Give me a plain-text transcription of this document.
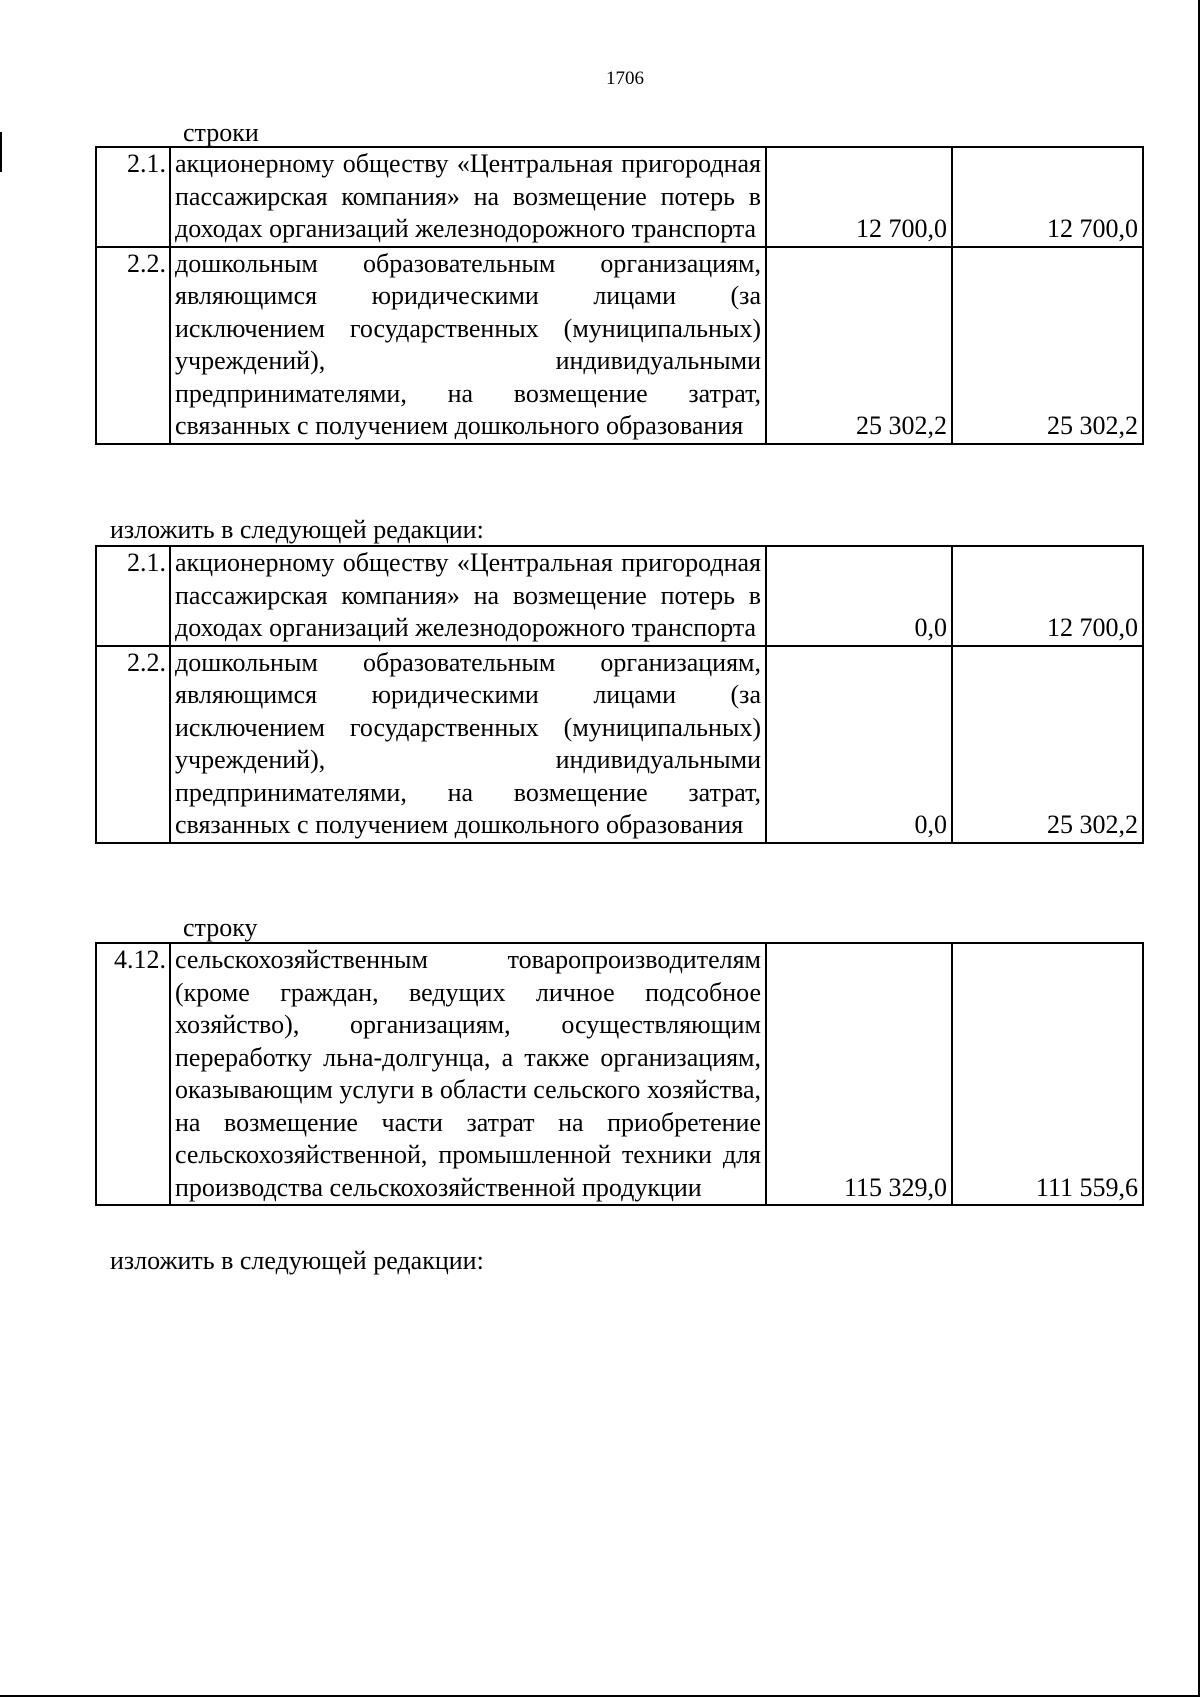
1706
строки
2.1.	акционерному обществу «Центральная пригородная пассажирская компания» на возмещение потерь в доходах организаций железнодорожного транспорта	12 700,0	12 700,0
2.2.	дошкольным образовательным организациям, являющимся юридическими лицами (за исключением государственных (муниципальных) учреждений), индивидуальными предпринимателями, на возмещение затрат, связанных с получением дошкольного образования	25 302,2	25 302,2
изложить в следующей редакции:
2.1.	акционерному обществу «Центральная пригородная пассажирская компания» на возмещение потерь в доходах организаций железнодорожного транспорта	0,0	12 700,0
2.2.	дошкольным образовательным организациям, являющимся юридическими лицами (за исключением государственных (муниципальных) учреждений), индивидуальными предпринимателями, на возмещение затрат, связанных с получением дошкольного образования	0,0	25 302,2
строку
4.12.	сельскохозяйственным товаропроизводителям (кроме граждан, ведущих личное подсобное хозяйство), организациям, осуществляющим переработку льна-долгунца, а также организациям, оказывающим услуги в области сельского хозяйства, на возмещение части затрат на приобретение сельскохозяйственной, промышленной техники для производства сельскохозяйственной продукции	115 329,0	111 559,6
изложить в следующей редакции:
